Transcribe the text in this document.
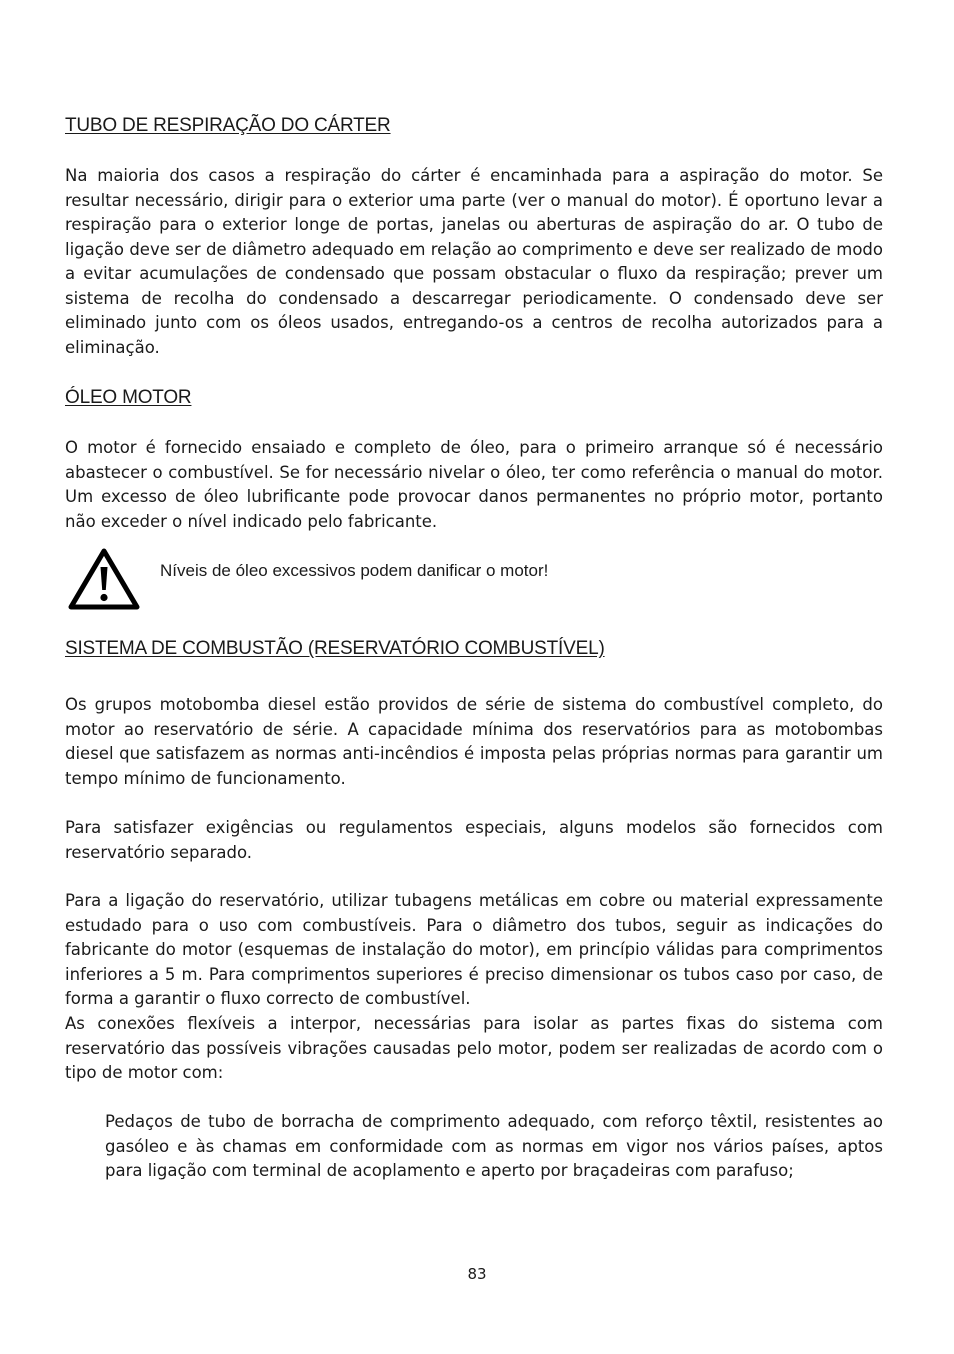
TUBO DE RESPIRAÇÃO DO CÁRTER
Na maioria dos casos a respiração do cárter é encaminhada para a aspiração do motor. Se resultar necessário, dirigir para o exterior uma parte (ver o manual do motor). É oportuno levar a respiração para o exterior longe de portas, janelas ou aberturas de aspiração do ar. O tubo de ligação deve ser de diâmetro adequado em relação ao comprimento e deve ser realizado de modo a evitar acumulações de condensado que possam obstacular o fluxo da respiração; prever um sistema de recolha do condensado a descarregar periodicamente. O condensado deve ser eliminado junto com os óleos usados, entregando-os a centros de recolha autorizados para a eliminação.
ÓLEO MOTOR
O motor é fornecido ensaiado e completo de óleo, para o primeiro arranque só é necessário abastecer o combustível. Se for necessário nivelar o óleo, ter como referência o manual do motor. Um excesso de óleo lubrificante pode provocar danos permanentes no próprio motor, portanto não exceder o nível indicado pelo fabricante.
Níveis de óleo excessivos podem danificar o motor!
SISTEMA DE COMBUSTÃO (RESERVATÓRIO COMBUSTÍVEL)
Os grupos motobomba diesel estão providos de série de sistema do combustível completo, do motor ao reservatório de série. A capacidade mínima dos reservatórios para as motobombas diesel que satisfazem as normas anti-incêndios é imposta pelas próprias normas para garantir um tempo mínimo de funcionamento.
Para satisfazer exigências ou regulamentos especiais, alguns modelos são fornecidos com reservatório separado.
Para a ligação do reservatório, utilizar tubagens metálicas em cobre ou material expressamente estudado para o uso com combustíveis. Para o diâmetro dos tubos, seguir as indicações do fabricante do motor (esquemas de instalação do motor), em princípio válidas para comprimentos inferiores a 5 m. Para comprimentos superiores é preciso dimensionar os tubos caso por caso, de forma a garantir o fluxo correcto de combustível.
As conexões flexíveis a interpor, necessárias para isolar as partes fixas do sistema com reservatório das possíveis vibrações causadas pelo motor, podem ser realizadas de acordo com o tipo de motor com:
Pedaços de tubo de borracha de comprimento adequado, com reforço têxtil, resistentes ao gasóleo e às chamas em conformidade com as normas em vigor nos vários países, aptos para ligação com terminal de acoplamento e aperto por braçadeiras com parafuso;
83
